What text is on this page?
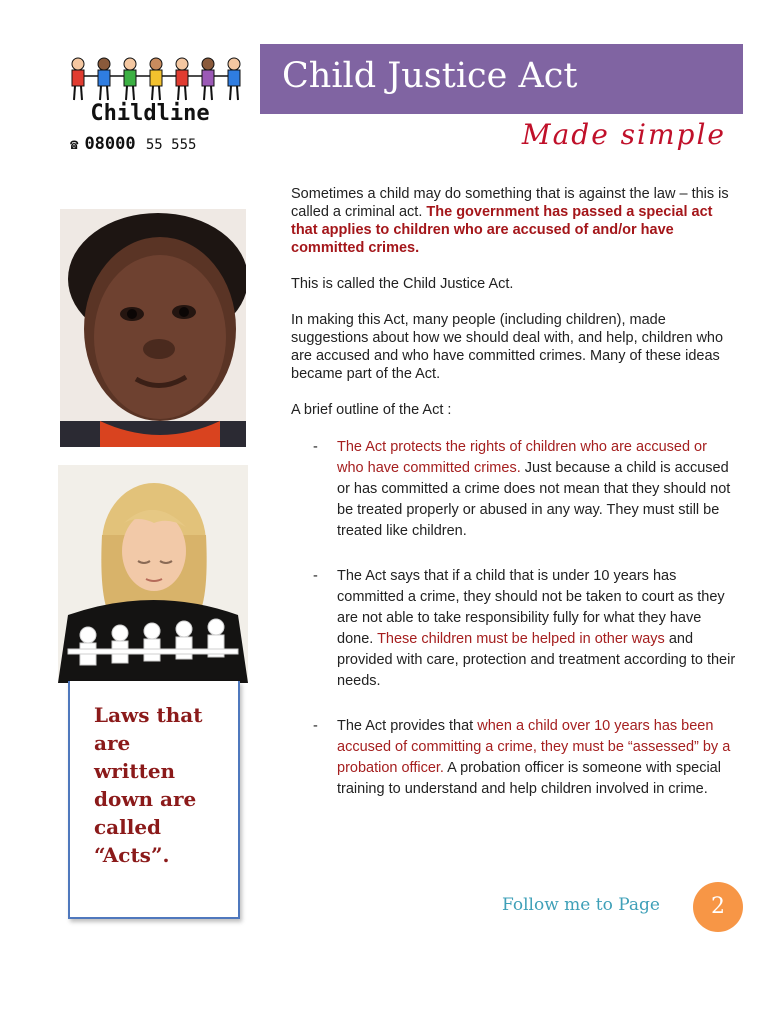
Childline
☎ 08000 55 555
Child Justice Act
Made simple

Laws that are written down are called “Acts”.

Sometimes a child may do something that is against the law – this is called a criminal act. The government has passed a special act that applies to children who are accused of and/or have committed crimes.

This is called the Child Justice Act.

In making this Act, many people (including children), made suggestions about how we should deal with, and help, children who are accused and who have committed crimes. Many of these ideas became part of the Act.

A brief outline of the Act :

- The Act protects the rights of children who are accused or who have committed crimes. Just because a child is accused or has committed a crime does not mean that they should not be treated properly or abused in any way. They must still be treated like children.
- The Act says that if a child that is under 10 years has committed a crime, they should not be taken to court as they are not able to take responsibility fully for what they have done. These children must be helped in other ways and provided with care, protection and treatment according to their needs.
- The Act provides that when a child over 10 years has been accused of committing a crime, they must be “assessed” by a probation officer. A probation officer is someone with special training to understand and help children involved in crime.
Follow me to Page	2
